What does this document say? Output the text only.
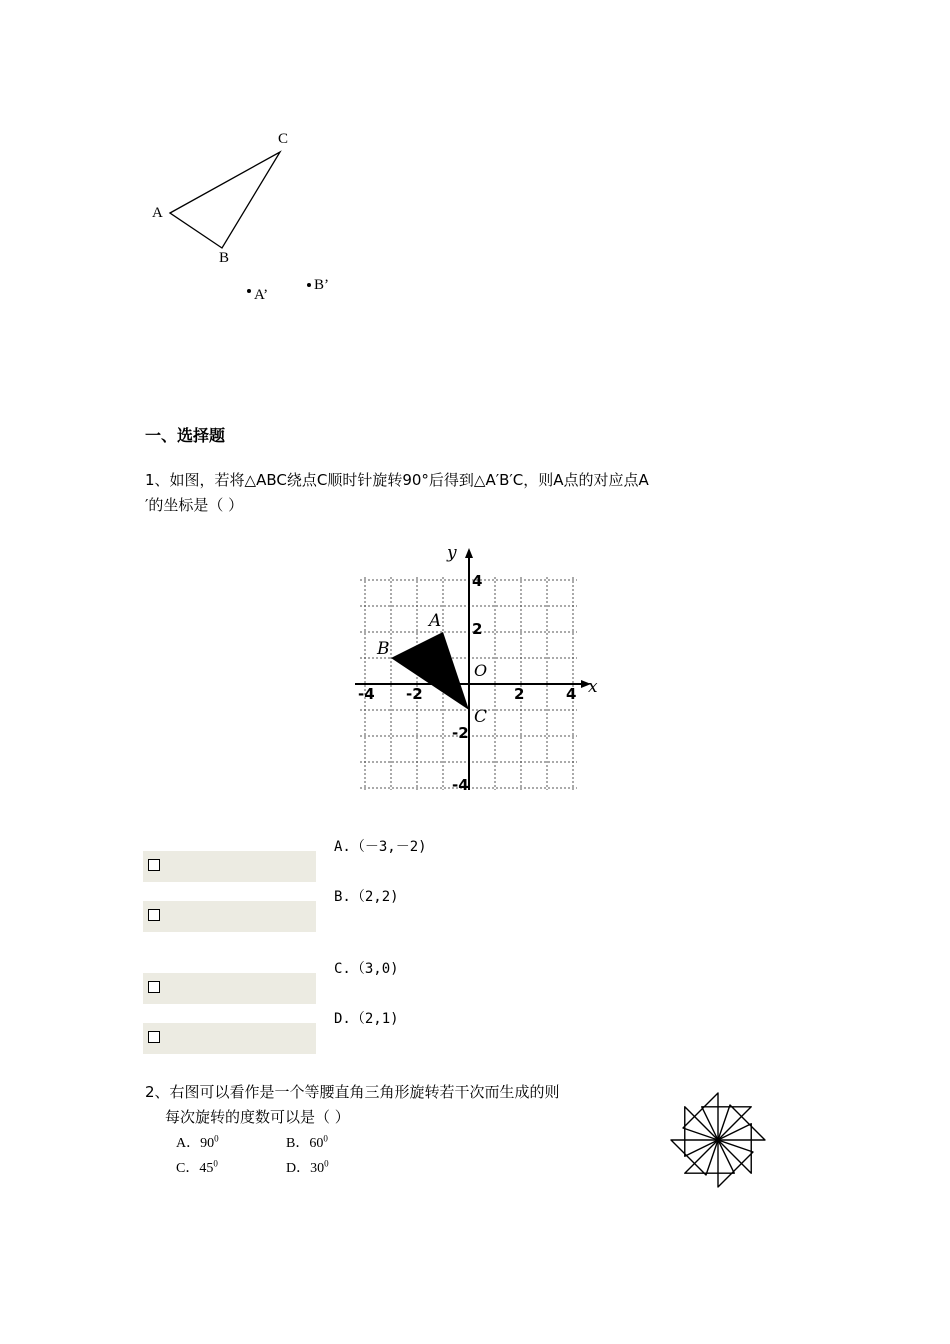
A
B
C
A’
B’
一、选择题
1、如图，若将△ABC绕点C顺时针旋转90°后得到△A′B′C，则A点的对应点A
′的坐标是（ ）
y
x
O
A
B
C
4
2
-2
-4
-4 -2	2	4
A.（－3,－2)
B.（2,2)
C.（3,0)
D.（2,1)
2、右图可以看作是一个等腰直角三角形旋转若干次而生成的则
每次旋转的度数可以是（ ）
A．$90^0$	B．$60^0$
C．$45^0$	D．$30^0$
